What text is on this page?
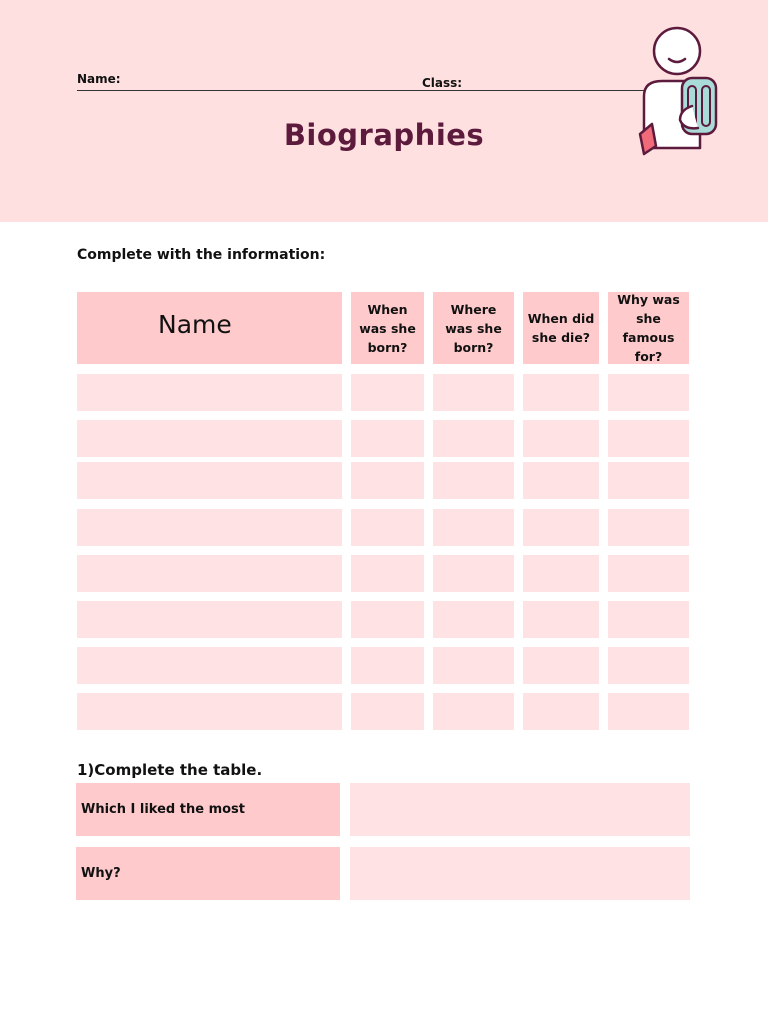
Name:	Class:
Biographies
Complete with the information:
Name
When was she born?
Where was she born?
When did she die?
Why was she famous for?
1)Complete the table.
Which I liked the most
Why?
